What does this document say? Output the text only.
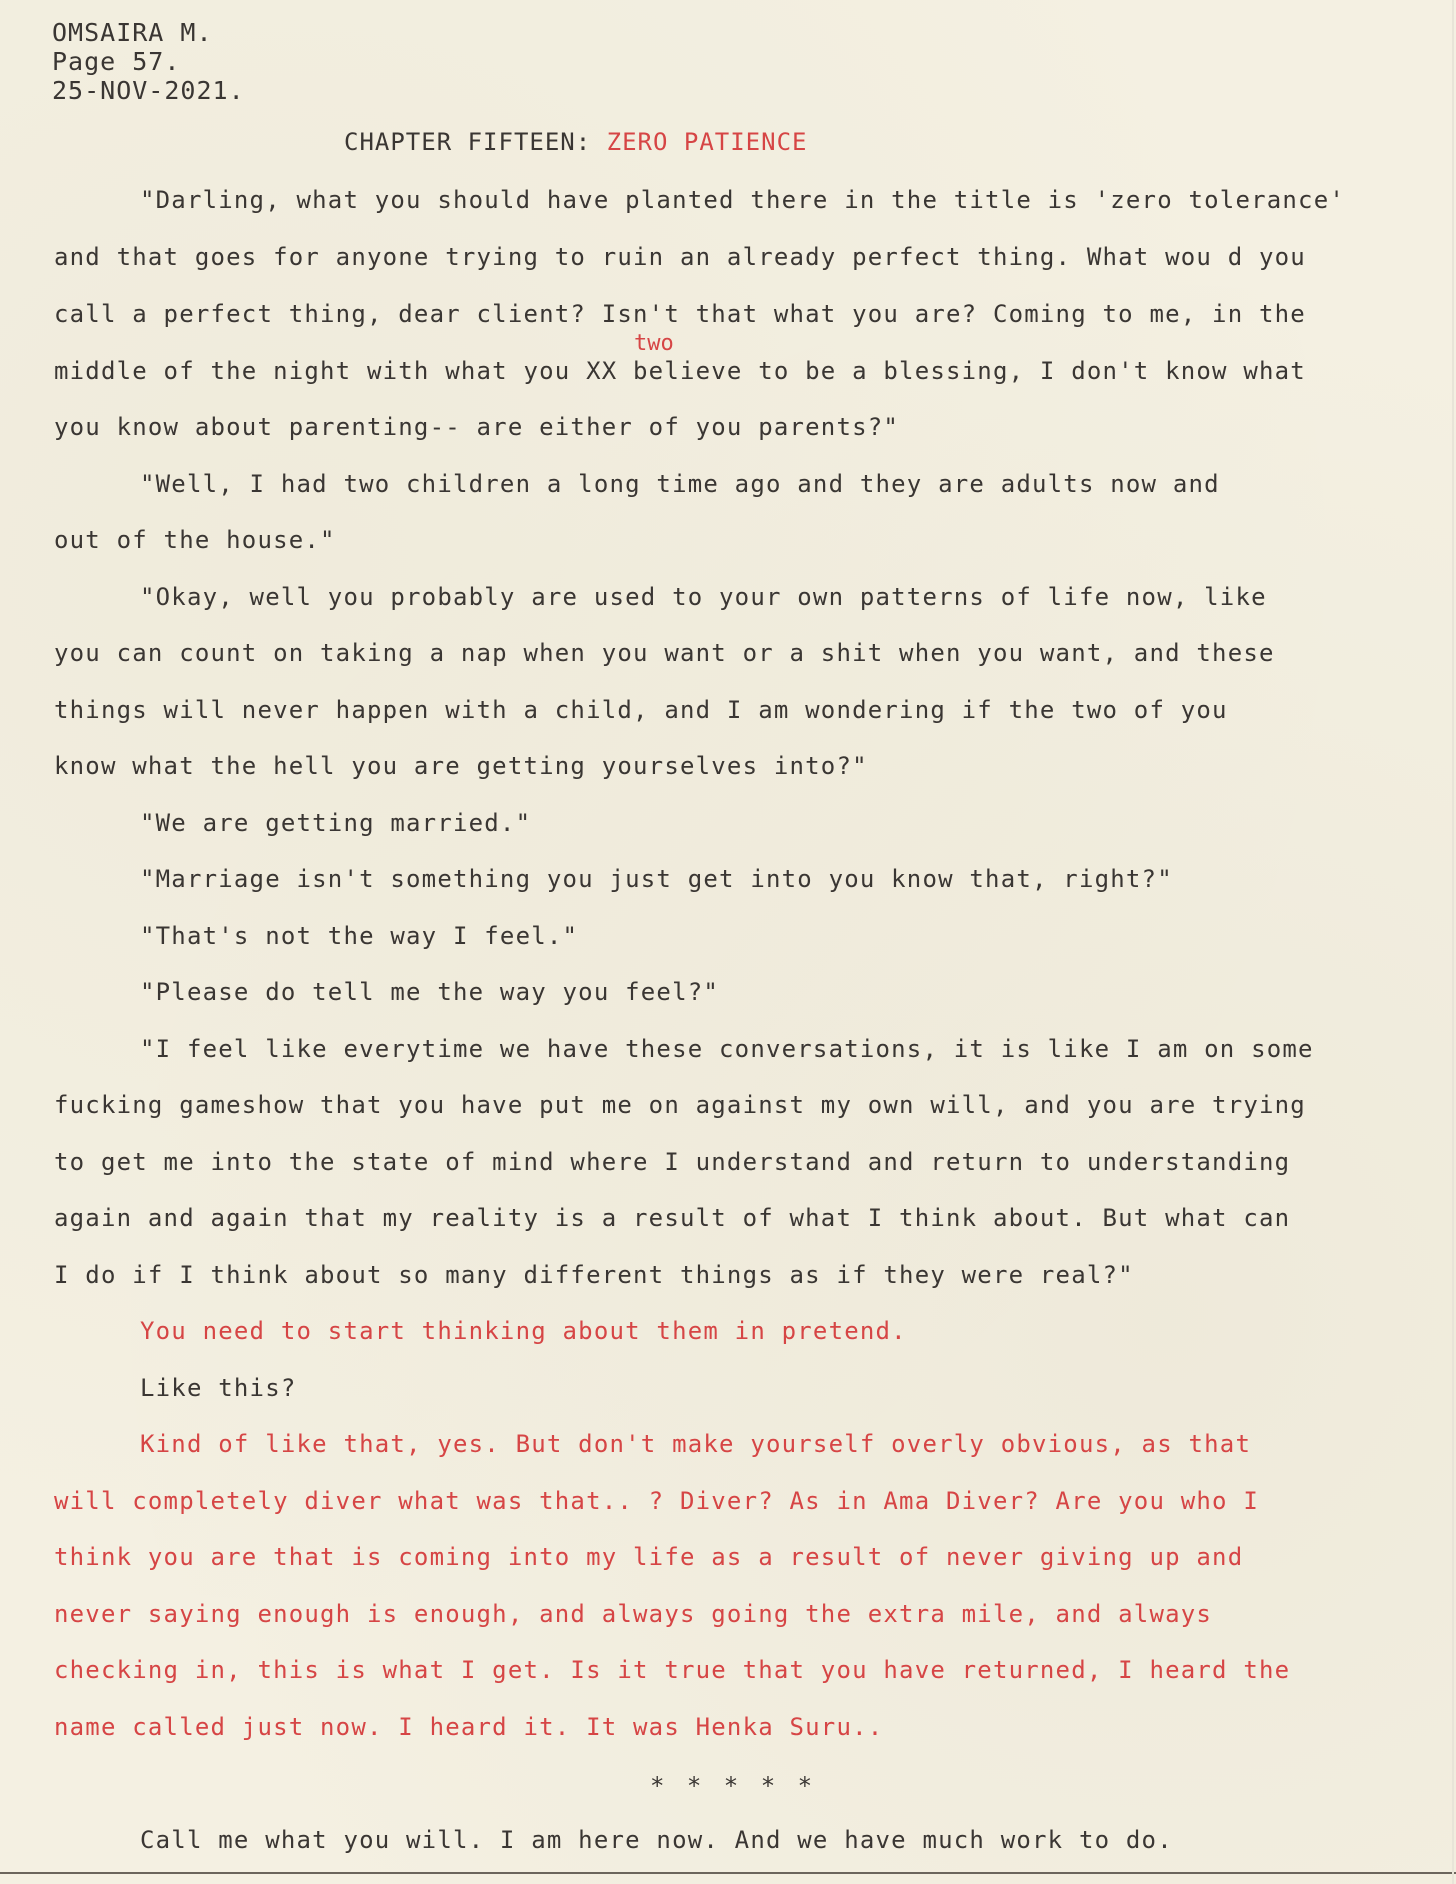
OMSAIRA M.
Page 57.
25-NOV-2021.
CHAPTER FIFTEEN: ZERO PATIENCE
"Darling, what you should have planted there in the title is 'zero tolerance'
and that goes for anyone trying to ruin an already perfect thing. What wou d you
call a perfect thing, dear client? Isn't that what you are? Coming to me, in the
two
middle of the night with what you XX believe to be a blessing, I don't know what
you know about parenting-- are either of you parents?"
"Well, I had two children a long time ago and they are adults now and
out of the house."
"Okay, well you probably are used to your own patterns of life now, like
you can count on taking a nap when you want or a shit when you want, and these
things will never happen with a child, and I am wondering if the two of you
know what the hell you are getting yourselves into?"
"We are getting married."
"Marriage isn't something you just get into you know that, right?"
"That's not the way I feel."
"Please do tell me the way you feel?"
"I feel like everytime we have these conversations, it is like I am on some
fucking gameshow that you have put me on against my own will, and you are trying
to get me into the state of mind where I understand and return to understanding
again and again that my reality is a result of what I think about. But what can
I do if I think about so many different things as if they were real?"
You need to start thinking about them in pretend.
Like this?
Kind of like that, yes. But don't make yourself overly obvious, as that
will completely diver what was that.. ? Diver? As in Ama Diver? Are you who I
think you are that is coming into my life as a result of never giving up and
never saying enough is enough, and always going the extra mile, and always
checking in, this is what I get. Is it true that you have returned, I heard the
name called just now. I heard it. It was Henka Suru..
* * * * *
Call me what you will. I am here now. And we have much work to do.
